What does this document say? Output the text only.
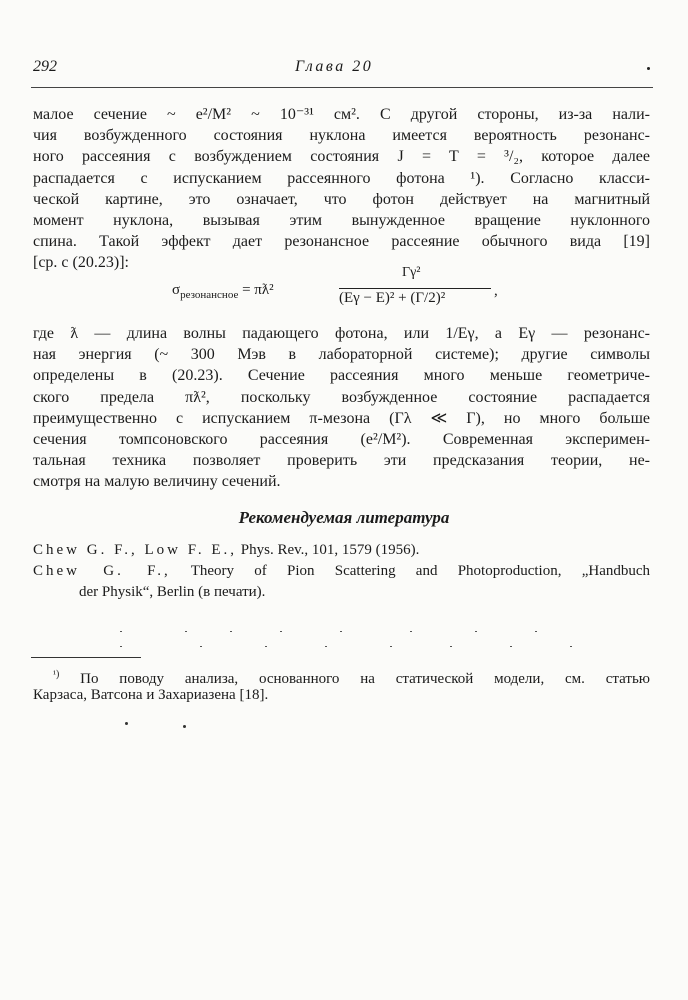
292	Глава 20
малое сечение ~ e²/M² ~ 10⁻³¹ см². С другой стороны, из-за нали-
чия возбужденного состояния нуклона имеется вероятность резонанс-
ного рассеяния с возбуждением состояния J = T = ³/₂, которое далее
распадается с испусканием рассеянного фотона ¹). Согласно класси-
ческой картине, это означает, что фотон действует на магнитный
момент нуклона, вызывая этим вынужденное вращение нуклонного
спина. Такой эффект дает резонансное рассеяние обычного вида [19]
[ср. с (20.23)]:
$\sigma_{резонансное}$ = πƛ²
Γγ²
(Eγ − E)² + (Γ/2)²	,
где ƛ — длина волны падающего фотона, или 1/Eγ, а Eγ — резонанс-
ная энергия (~ 300 Мэв в лабораторной системе); другие символы
определены в (20.23). Сечение рассеяния много меньше геометриче-
ского предела πƛ², поскольку возбужденное состояние распадается
преимущественно с испусканием π-мезона (Γλ ≪ Γ), но много больше
сечения томпсоновского рассеяния (e²/M²). Современная эксперимен-
тальная техника позволяет проверить эти предсказания теории, не-
смотря на малую величину сечений.
Рекомендуемая литература
Chew G. F., Low F. E., Phys. Rev., 101, 1579 (1956).
Chew G. F., Theory of Pion Scattering and Photoproduction, „Handbuch
der Physik“, Berlin (в печати).
$^{^1)}$ По поводу анализа, основанного на статической модели, см. статью
Карзаса, Ватсона и Захариазена [18].
